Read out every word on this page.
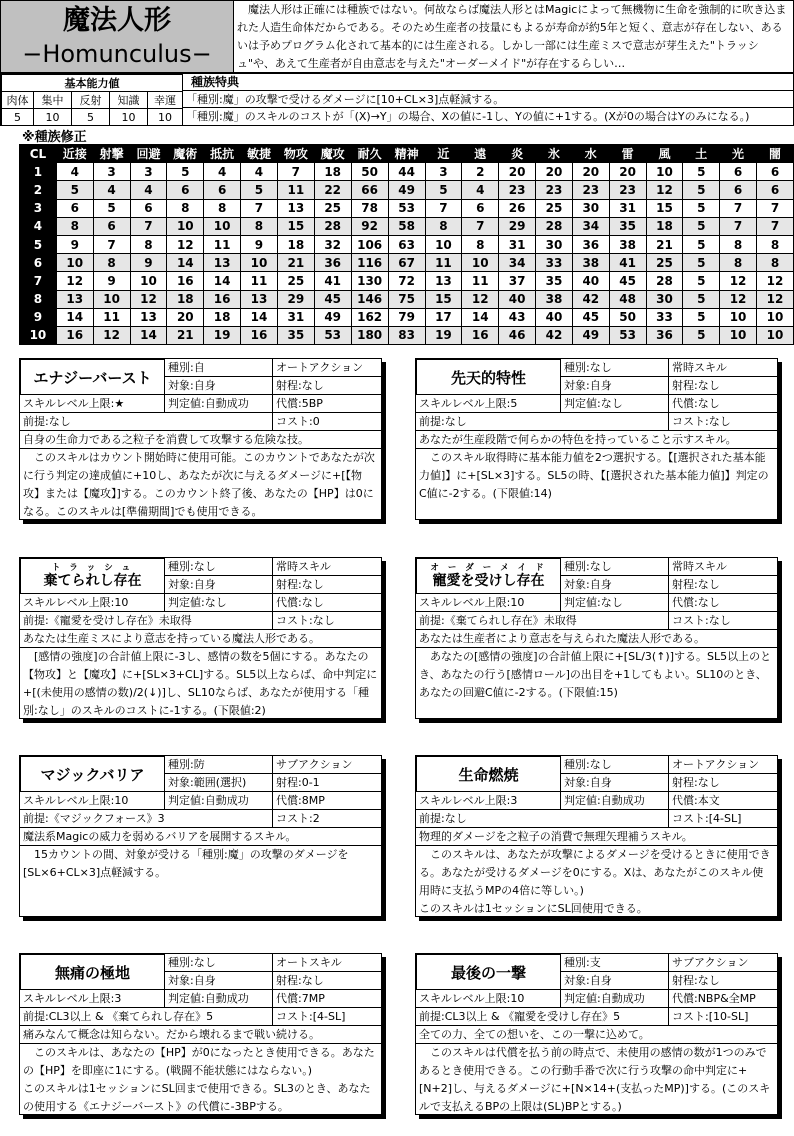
魔法人形
−Homunculus−
　魔法人形は正確には種族ではない。何故ならば魔法人形とはMagicによって無機物に生命を強制的に吹き込まれた人造生命体だからである。そのため生産者の技量にもよるが寿命が約5年と短く、意志が存在しない、あるいは予めプログラム化されて基本的には生産される。しかし一部には生産ミスで意志が芽生えた"トラッシュ"や、あえて生産者が自由意志を与えた"オーダーメイド"が存在するらしい…
基本能力値				
肉体	集中	反射	知識	幸運
5	10	5	10	10
種族特典
「種別:魔」の攻撃で受けるダメージに[10+CL×3]点軽減する。
「種別:魔」のスキルのコストが「(X)→Y」の場合、Xの値に-1し、Yの値に+1する。(Xが0の場合はYのみになる。)
※種族修正
CL	近接	射撃	回避	魔術	抵抗	敏捷	物攻	魔攻	耐久	精神	近	遠	炎	氷	水	雷	風	土	光	闇
1	4	3	3	5	4	4	7	18	50	44	3	2	20	20	20	20	10	5	6	6
2	5	4	4	6	6	5	11	22	66	49	5	4	23	23	23	23	12	5	6	6
3	6	5	6	8	8	7	13	25	78	53	7	6	26	25	30	31	15	5	7	7
4	8	6	7	10	10	8	15	28	92	58	8	7	29	28	34	35	18	5	7	7
5	9	7	8	12	11	9	18	32	106	63	10	8	31	30	36	38	21	5	8	8
6	10	8	9	14	13	10	21	36	116	67	11	10	34	33	38	41	25	5	8	8
7	12	9	10	16	14	11	25	41	130	72	13	11	37	35	40	45	28	5	12	12
8	13	10	12	18	16	13	29	45	146	75	15	12	40	38	42	48	30	5	12	12
9	14	11	13	20	18	14	31	49	162	79	17	14	43	40	45	50	33	5	10	10
10	16	12	14	21	19	16	35	53	180	83	19	16	46	42	49	53	36	5	10	10
エナジーバースト
種別:自	オートアクション
対象:自身	射程:なし
スキルレベル上限:★	判定値:自動成功	代償:5BP
前提:なし	コスト:0
自身の生命力である之粒子を消費して攻撃する危険な技。
　このスキルはカウント開始時に使用可能。このカウントであなたが次に行う判定の達成値に+10し、あなたが次に与えるダメージに+[【物攻】または【魔攻】]する。このカウント終了後、あなたの【HP】は0になる。このスキルは[準備期間]でも使用できる。
先天的特性
種別:なし	常時スキル
対象:自身	射程:なし
スキルレベル上限:5	判定値:なし	代償:なし
前提:なし	コスト:なし
あなたが生産段階で何らかの特色を持っていること示すスキル。
　このスキル取得時に基本能力値を2つ選択する。【[選択された基本能力値]】に+[SL×3]する。SL5の時、【[選択された基本能力値]】判定のC値に-2する。(下限値:14)
ト ラ ッ シ ュ
棄てられし存在
種別:なし	常時スキル
対象:自身	射程:なし
スキルレベル上限:10	判定値:なし	代償:なし
前提:《寵愛を受けし存在》未取得	コスト:なし
あなたは生産ミスにより意志を持っている魔法人形である。
　[感情の強度]の合計値上限に-3し、感情の数を5個にする。あなたの【物攻】と【魔攻】に+[SL×3+CL]する。SL5以上ならば、命中判定に+[(未使用の感情の数)/2(↓)]し、SL10ならば、あなたが使用する「種別:なし」のスキルのコストに-1する。(下限値:2)
オ ー ダ ー メ イ ド
寵愛を受けし存在
種別:なし	常時スキル
対象:自身	射程:なし
スキルレベル上限:10	判定値:なし	代償:なし
前提:《棄てられし存在》未取得	コスト:なし
あなたは生産者により意志を与えられた魔法人形である。
　あなたの[感情の強度]の合計値上限に+[SL/3(↑)]する。SL5以上のとき、あなたの行う[感情ロール]の出目を+1してもよい。SL10のとき、あなたの回避C値に-2する。(下限値:15)
マジックバリア
種別:防	サブアクション
対象:範囲(選択)	射程:0-1
スキルレベル上限:10	判定値:自動成功	代償:8MP
前提:《マジックフォース》3	コスト:2
魔法系Magicの威力を弱めるバリアを展開するスキル。
　15カウントの間、対象が受ける「種別:魔」の攻撃のダメージを[SL×6+CL×3]点軽減する。
生命燃焼
種別:なし	オートアクション
対象:自身	射程:なし
スキルレベル上限:3	判定値:自動成功	代償:本文
前提:なし	コスト:[4-SL]
物理的ダメージを之粒子の消費で無理矢理補うスキル。
　このスキルは、あなたが攻撃によるダメージを受けるときに使用できる。あなたが受けるダメージを0にする。Xは、あなたがこのスキル使用時に支払うMPの4倍に等しい。)
このスキルは1セッションにSL回使用できる。
無痛の極地
種別:なし	オートスキル
対象:自身	射程:なし
スキルレベル上限:3	判定値:自動成功	代償:7MP
前提:CL3以上 & 《棄てられし存在》5	コスト:[4-SL]
痛みなんて概念は知らない。だから壊れるまで戦い続ける。
　このスキルは、あなたの【HP】が0になったとき使用できる。あなたの【HP】を即座に1にする。(戦闘不能状態にはならない。)
このスキルは1セッションにSL回まで使用できる。SL3のとき、あなたの使用する《エナジーバースト》の代償に-3BPする。
最後の一撃
種別:支	サブアクション
対象:自身	射程:なし
スキルレベル上限:10	判定値:自動成功	代償:NBP&全MP
前提:CL3以上 & 《寵愛を受けし存在》5	コスト:[10-SL]
全ての力、全ての想いを、この一撃に込めて。
　このスキルは代償を払う前の時点で、未使用の感情の数が1つのみであるとき使用できる。この行動手番で次に行う攻撃の命中判定に+[N+2]し、与えるダメージに+[N×14+(支払ったMP)]する。(このスキルで支払えるBPの上限は(SL)BPとする。)
